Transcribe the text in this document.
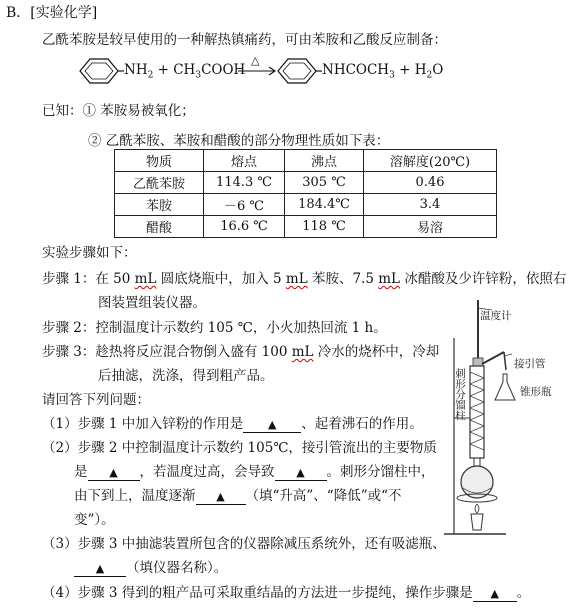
B．[实验化学]
乙酰苯胺是较早使用的一种解热镇痛药，可由苯胺和乙酸反应制备：
$NH_2$ + $CH_3COOH$
△
$NHCOCH_3 + H_2O$
已知：① 苯胺易被氧化；
② 乙酰苯胺、苯胺和醋酸的部分物理性质如下表：
物质	熔点	沸点	溶解度(20℃)
乙酰苯胺	114.3 ℃	305 ℃	0.46
苯胺	－6 ℃	184.4℃	3.4
醋酸	16.6 ℃	118 ℃	易溶
实验步骤如下：
步骤 1：在 50 mL 圆底烧瓶中，加入 5 mL 苯胺、7.5 mL 冰醋酸及少许锌粉，依照右
图装置组装仪器。
步骤 2：控制温度计示数约 105 ℃，小火加热回流 1 h。
步骤 3：趁热将反应混合物倒入盛有 100 mL 冷水的烧杯中，冷却
后抽滤，洗涤，得到粗产品。
请回答下列问题：
（1）步骤 1 中加入锌粉的作用是 ▲ 、起着沸石的作用。
（2）步骤 2 中控制温度计示数约 105℃，接引管流出的主要物质
是 ▲ ，若温度过高，会导致 ▲ 。刺形分馏柱中，
由下到上，温度逐渐 ▲ （填“升高”、“降低”或“不
变”）。
（3）步骤 3 中抽滤装置所包含的仪器除减压系统外，还有吸滤瓶、
▲ （填仪器名称）。
（4）步骤 3 得到的粗产品可采取重结晶的方法进一步提纯，操作步骤是 ▲ 。
温度计
接引管
锥形瓶
刺形分馏柱
